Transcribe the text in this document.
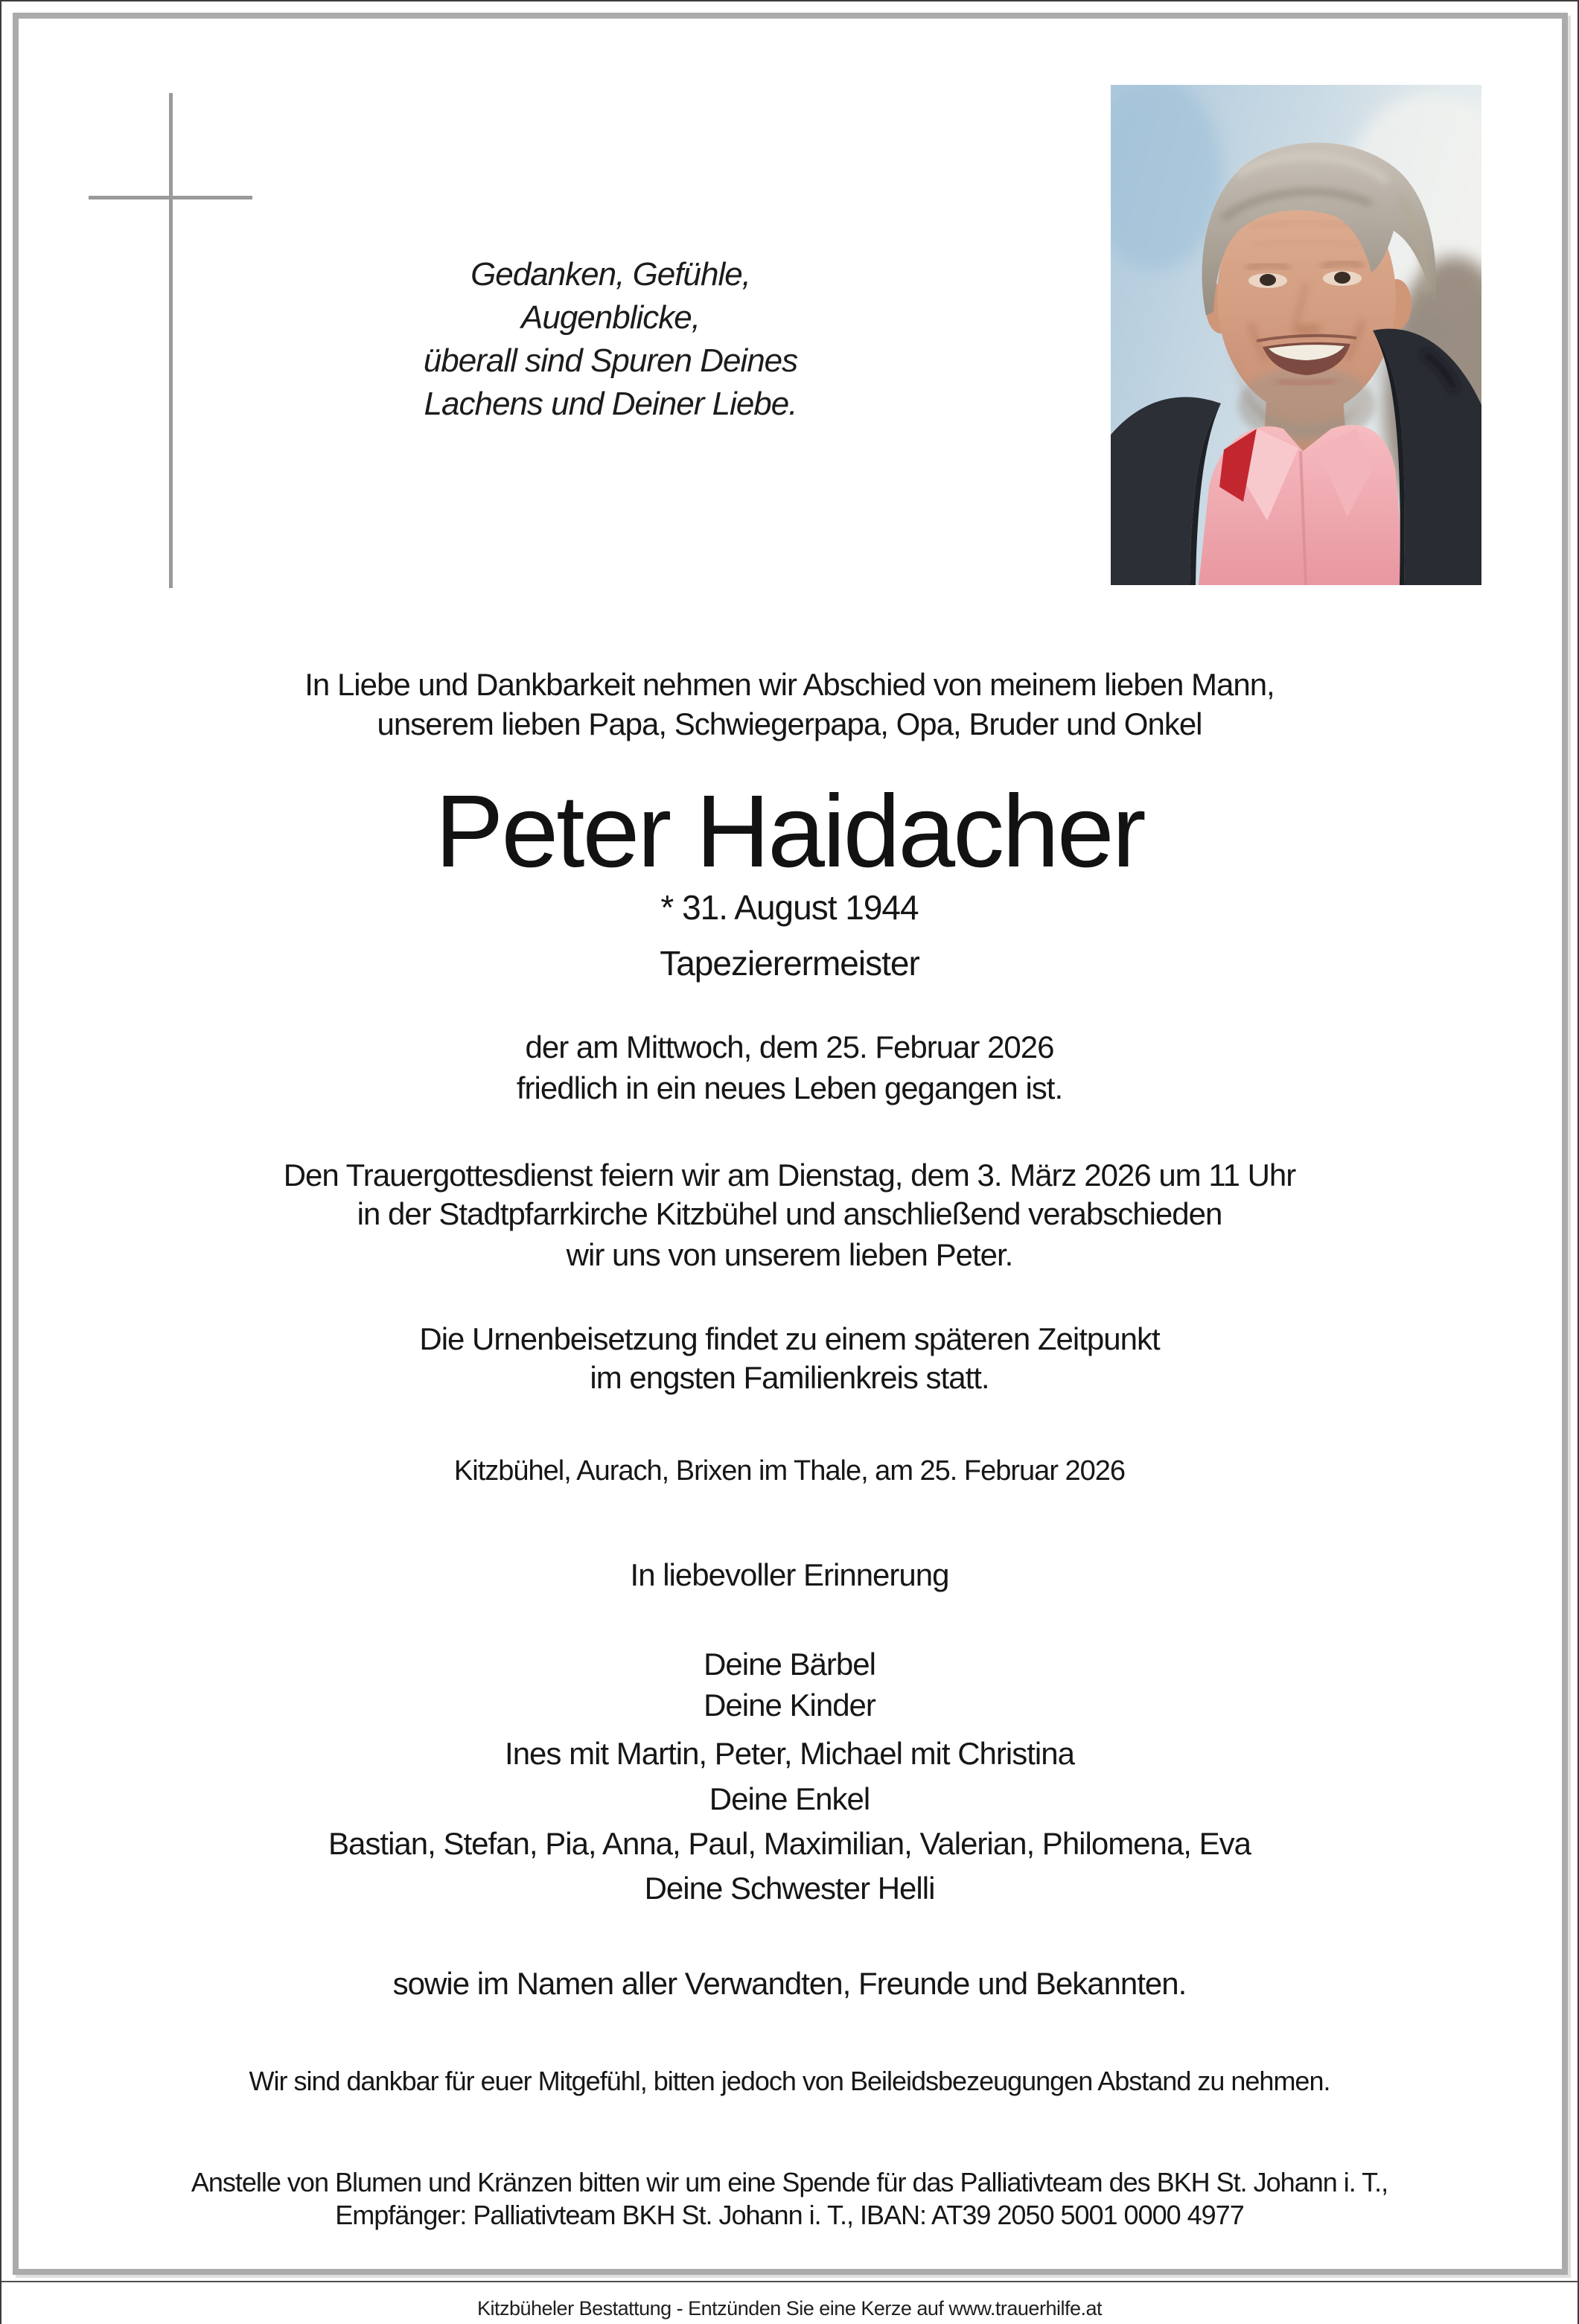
Gedanken, Gefühle,
Augenblicke,
überall sind Spuren Deines
Lachens und Deiner Liebe.
In Liebe und Dankbarkeit nehmen wir Abschied von meinem lieben Mann,
unserem lieben Papa, Schwiegerpapa, Opa, Bruder und Onkel
Peter Haidacher
* 31. August 1944
Tapezierermeister
der am Mittwoch, dem 25. Februar 2026
friedlich in ein neues Leben gegangen ist.
Den Trauergottesdienst feiern wir am Dienstag, dem 3. März 2026 um 11 Uhr
in der Stadtpfarrkirche Kitzbühel und anschließend verabschieden
wir uns von unserem lieben Peter.
Die Urnenbeisetzung findet zu einem späteren Zeitpunkt
im engsten Familienkreis statt.
Kitzbühel, Aurach, Brixen im Thale, am 25. Februar 2026
In liebevoller Erinnerung
Deine Bärbel
Deine Kinder
Ines mit Martin, Peter, Michael mit Christina
Deine Enkel
Bastian, Stefan, Pia, Anna, Paul, Maximilian, Valerian, Philomena, Eva
Deine Schwester Helli
sowie im Namen aller Verwandten, Freunde und Bekannten.
Wir sind dankbar für euer Mitgefühl, bitten jedoch von Beileidsbezeugungen Abstand zu nehmen.
Anstelle von Blumen und Kränzen bitten wir um eine Spende für das Palliativteam des BKH St. Johann i. T.,
Empfänger: Palliativteam BKH St. Johann i. T., IBAN: AT39 2050 5001 0000 4977
Kitzbüheler Bestattung - Entzünden Sie eine Kerze auf www.trauerhilfe.at
